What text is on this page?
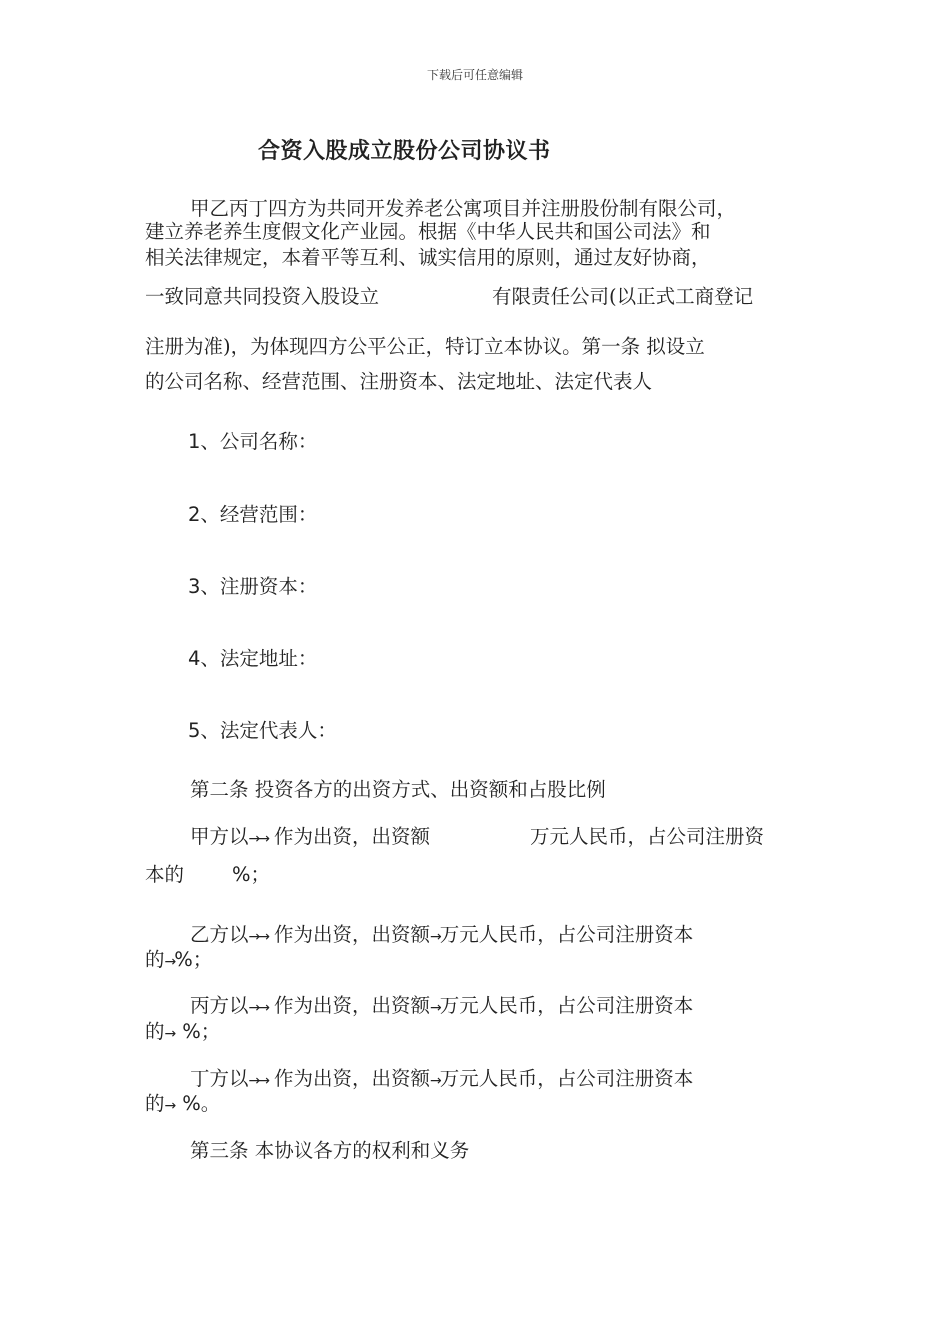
下载后可任意编辑
合资入股成立股份公司协议书
甲乙丙丁四方为共同开发养老公寓项目并注册股份制有限公司，
建立养老养生度假文化产业园。根据《中华人民共和国公司法》和
相关法律规定，本着平等互利、诚实信用的原则，通过友好协商，
一致同意共同投资入股设立	有限责任公司(以正式工商登记
注册为准)，为体现四方公平公正，特订立本协议。第一条 拟设立
的公司名称、经营范围、注册资本、法定地址、法定代表人
1、公司名称：
2、经营范围：
3、注册资本：
4、法定地址：
5、法定代表人：
第二条 投资各方的出资方式、出资额和占股比例
甲方以→→ 作为出资，出资额	万元人民币，占公司注册资
本的 %；
乙方以→→ 作为出资，出资额→万元人民币，占公司注册资本
的→%；
丙方以→→ 作为出资，出资额→万元人民币，占公司注册资本
的→ %；
丁方以→→ 作为出资，出资额→万元人民币，占公司注册资本
的→ %。
第三条 本协议各方的权利和义务
